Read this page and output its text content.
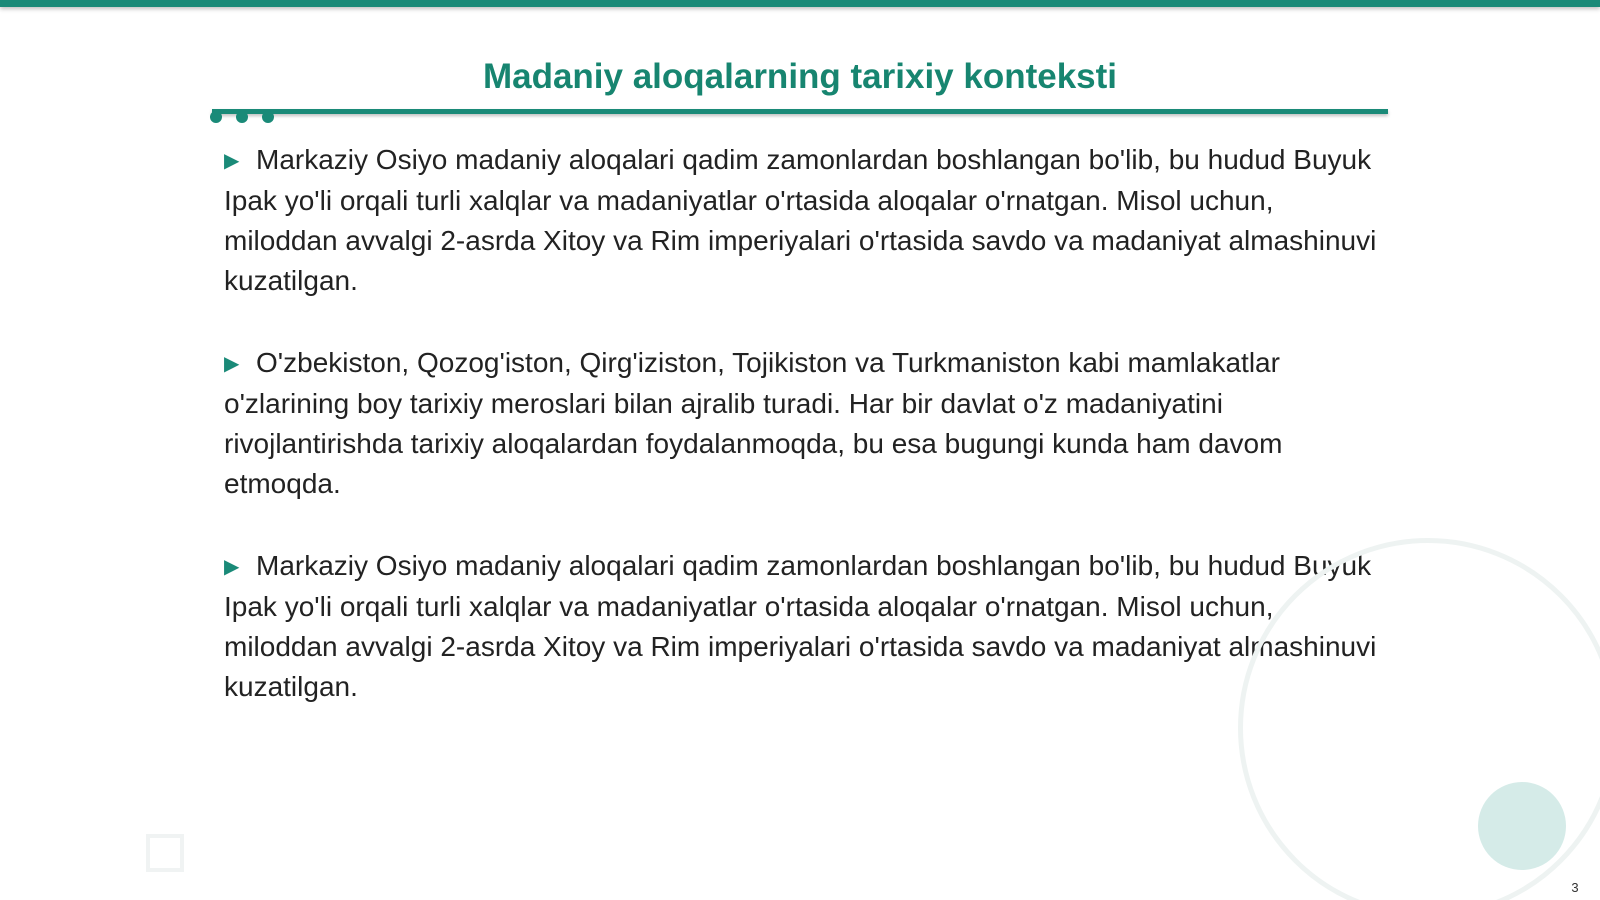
Madaniy aloqalarning tarixiy konteksti

▶ Markaziy Osiyo madaniy aloqalari qadim zamonlardan boshlangan bo'lib, bu hudud Buyuk Ipak yo'li orqali turli xalqlar va madaniyatlar o'rtasida aloqalar o'rnatgan. Misol uchun, miloddan avvalgi 2-asrda Xitoy va Rim imperiyalari o'rtasida savdo va madaniyat almashinuvi kuzatilgan.

▶ O'zbekiston, Qozog'iston, Qirg'iziston, Tojikiston va Turkmaniston kabi mamlakatlar o'zlarining boy tarixiy meroslari bilan ajralib turadi. Har bir davlat o'z madaniyatini rivojlantirishda tarixiy aloqalardan foydalanmoqda, bu esa bugungi kunda ham davom etmoqda.

▶ Markaziy Osiyo madaniy aloqalari qadim zamonlardan boshlangan bo'lib, bu hudud Buyuk Ipak yo'li orqali turli xalqlar va madaniyatlar o'rtasida aloqalar o'rnatgan. Misol uchun, miloddan avvalgi 2-asrda Xitoy va Rim imperiyalari o'rtasida savdo va madaniyat almashinuvi kuzatilgan.

3
